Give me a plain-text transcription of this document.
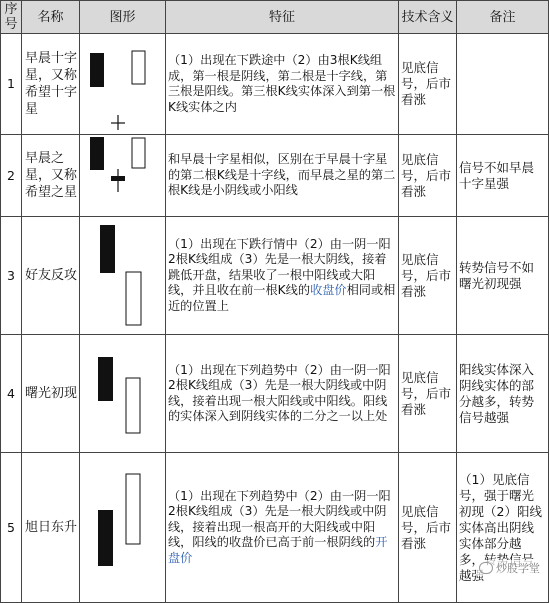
序号	名称	图形	特征	技术含义	备注
1	早晨十字星，又称希望十字星		（1）出现在下跌途中（2）由3根K线组成，第一根是阴线，第二根是十字线，第三根是阳线。第三根K线实体深入到第一根K线实体之内	见底信号，后市看涨	
2	早晨之星，又称希望之星		和早晨十字星相似，区别在于早晨十字星的第二根K线是十字线，而早晨之星的第二根K线是小阴线或小阳线	见底信号，后市看涨	信号不如早晨十字星强
3	好友反攻		（1）出现在下跌行情中（2）由一阴一阳2根K线组成（3）先是一根大阴线，接着跳低开盘，结果收了一根中阳线或大阳线，并且收在前一根K线的收盘价相同或相近的位置上	见底信号，后市看涨	转势信号不如曙光初现强
4	曙光初现		（1）出现在下列趋势中（2）由一阴一阳2根K线组成（3）先是一根大阴线或中阴线，接着出现一根大阳线或中阳线。阳线的实体深入到阴线实体的二分之一以上处	见底信号，后市看涨	阳线实体深入阴线实体的部分越多，转势信号越强
5	旭日东升		（1）出现在下列趋势中（2）由一阴一阳2根K线组成（3）先是一根大阴线或中阴线，接着出现一根高开的大阳线或中阳线，阳线的收盘价已高于前一根阴线的开盘价	见底信号，后市看涨	（1）见底信号，强于曙光 初现（2）阳线实体高出阴线实体部分越多，转势信号越强
炒股学堂
